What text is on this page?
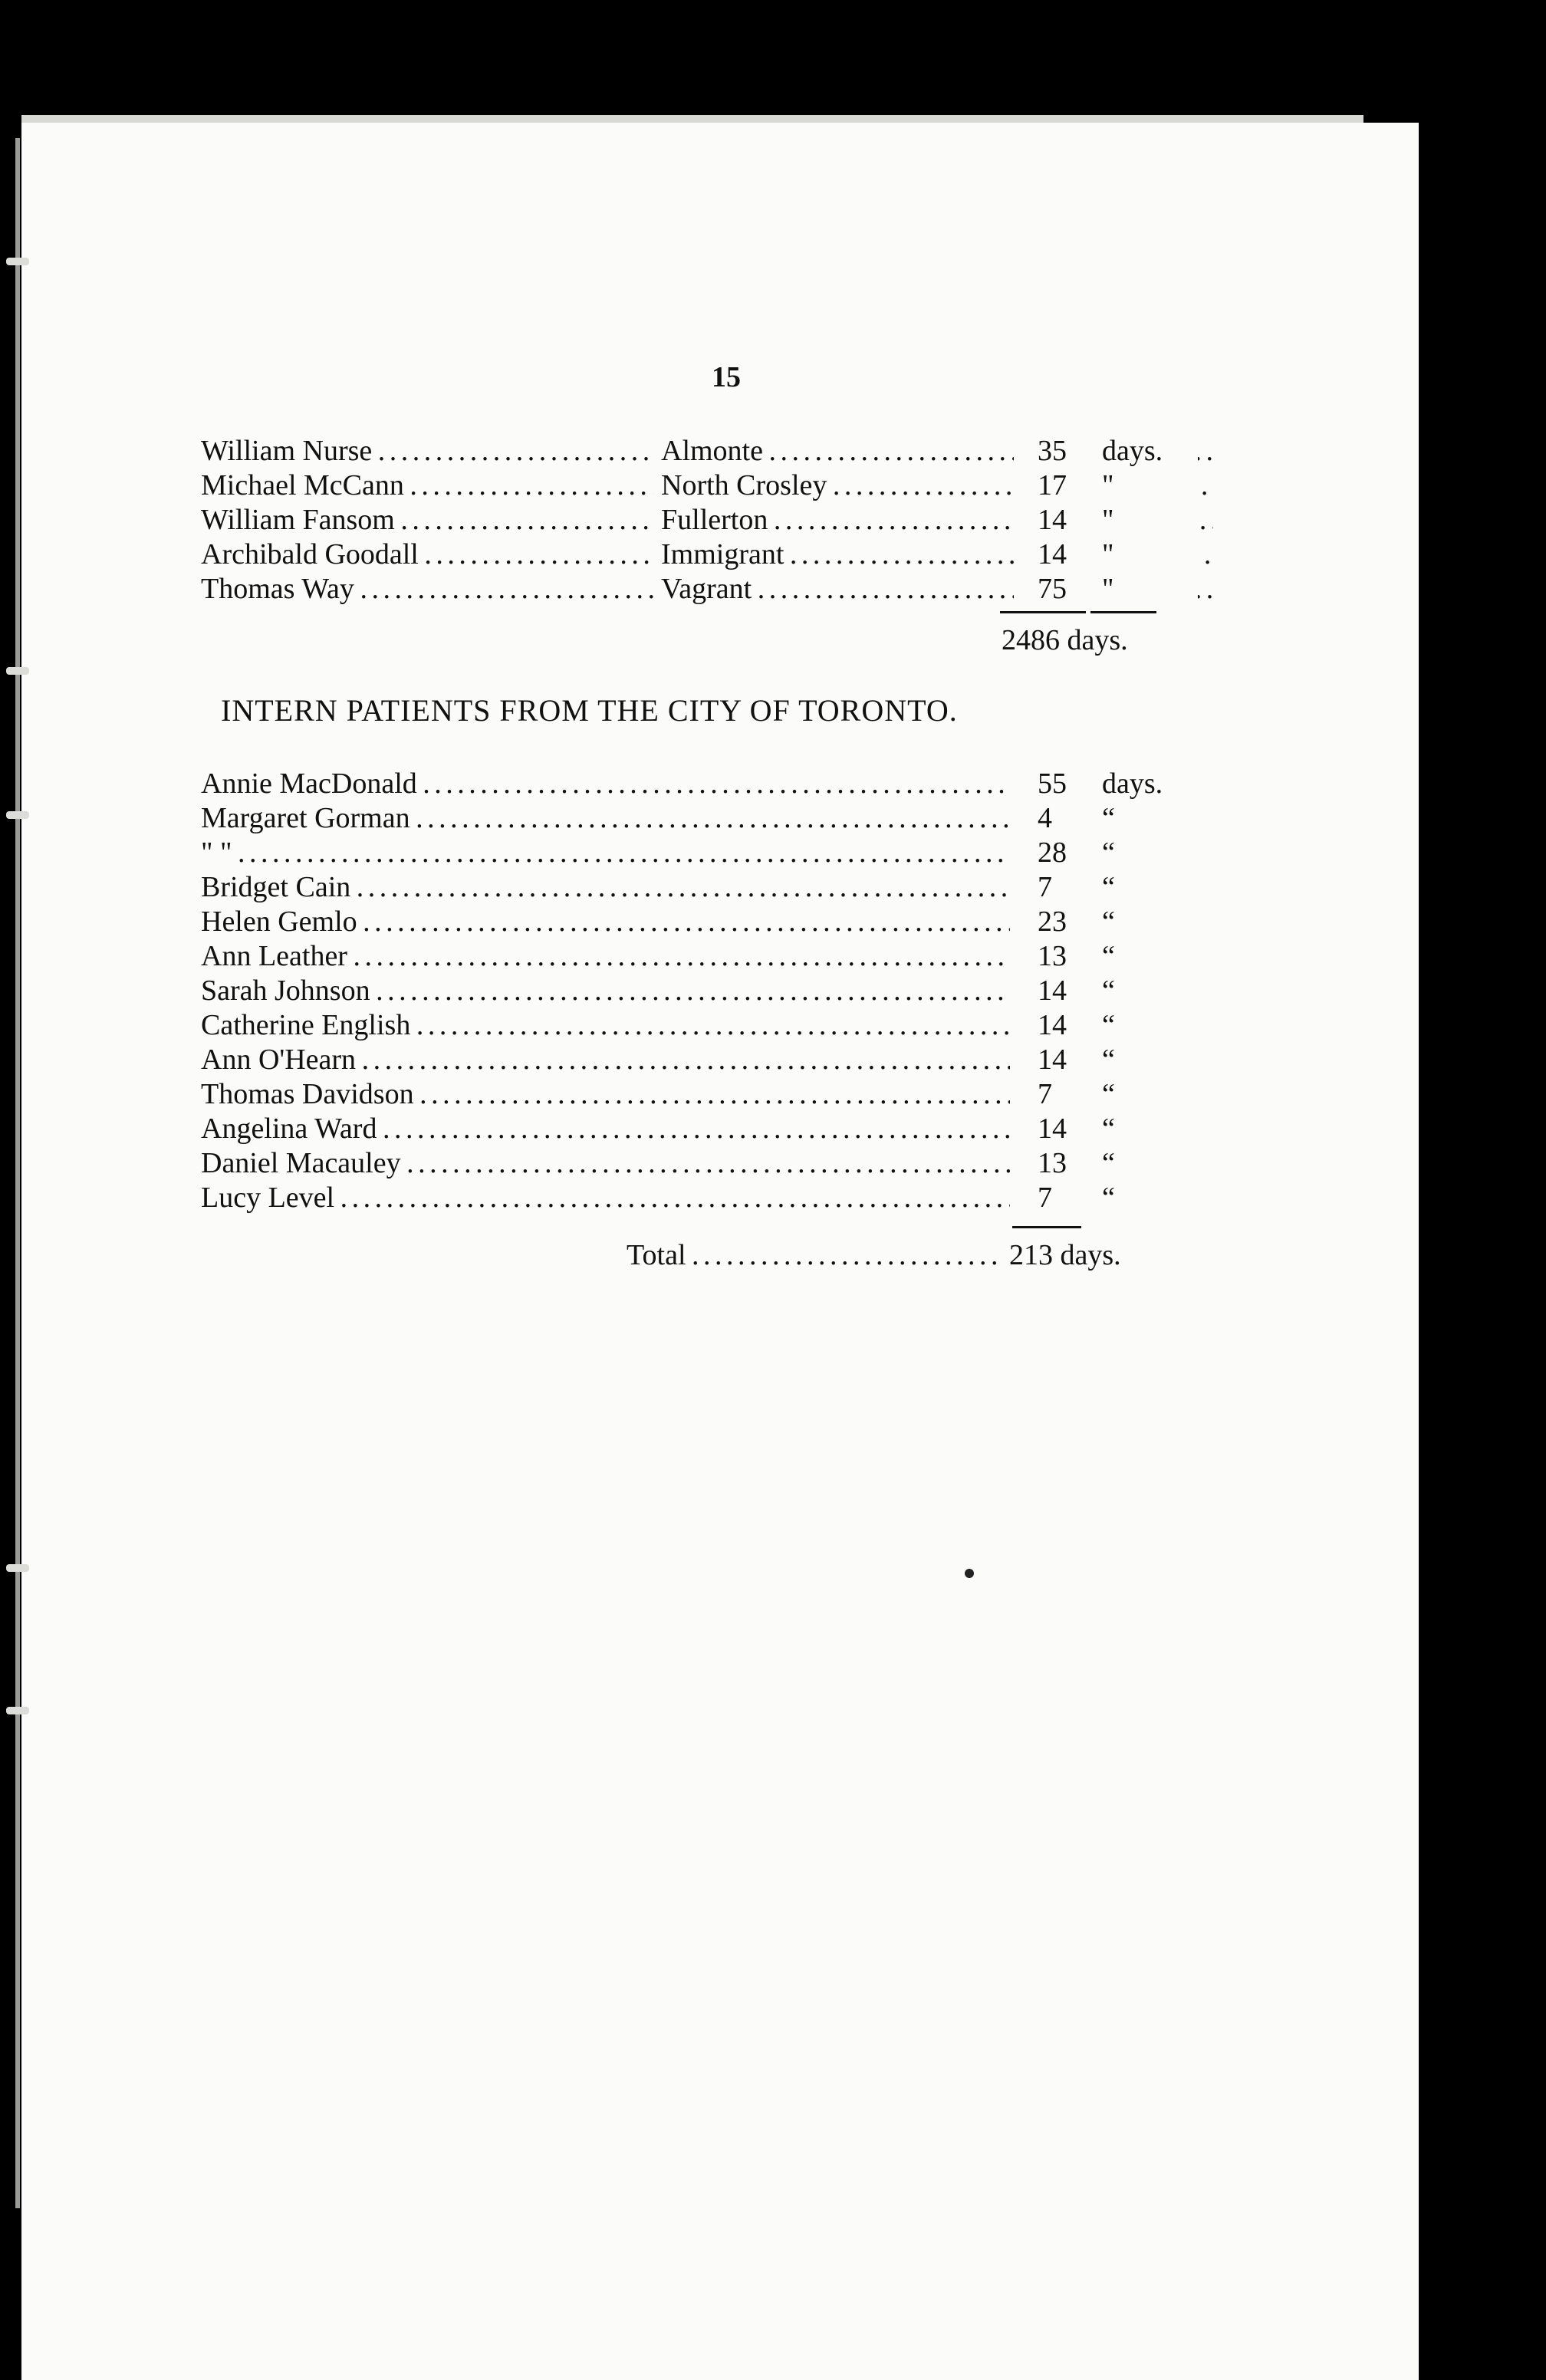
15
William Nurse . . .	Almonte . . .	35	days.
Michael McCann . . .	North Crosley . . .	17	"
William Fansom . . .	Fullerton . . .	14	"
Archibald Goodall . . .	Immigrant . . .	14	"
Thomas Way . . .	Vagrant . . .	75	"
2486 days.
INTERN PATIENTS FROM THE CITY OF TORONTO.
Annie MacDonald . . .	55	days.
Margaret Gorman . . .	4	“
" " . . .	28	“
Bridget Cain . . .	7	“
Helen Gemlo . . .	23	“
Ann Leather . . .	13	“
Sarah Johnson . . .	14	“
Catherine English . . .	14	“
Ann O'Hearn . . .	14	“
Thomas Davidson . . .	7	“
Angelina Ward . . .	14	“
Daniel Macauley . . .	13	“
Lucy Level . . .	7	“
Total . . .	213 days.
